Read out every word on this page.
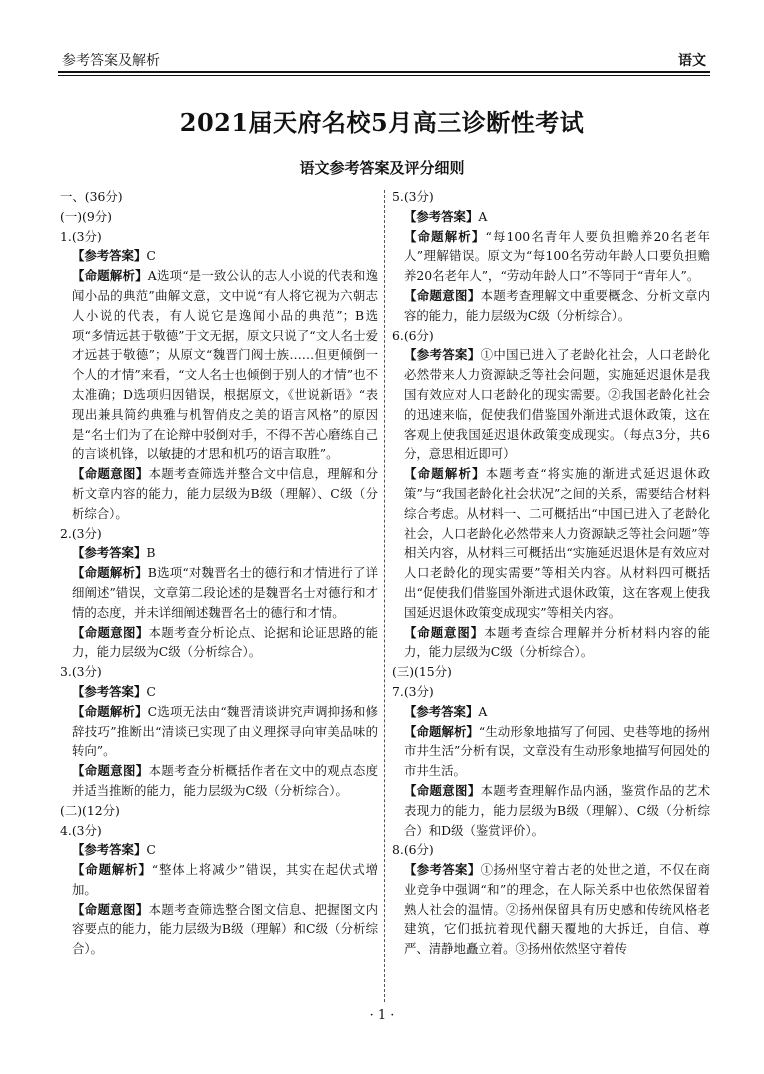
参考答案及解析	语文
2021届天府名校5月高三诊断性考试
语文参考答案及评分细则

一、(36分)

(一)(9分)

1.(3分)

【参考答案】C

【命题解析】A选项“是一致公认的志人小说的代表和逸闻小品的典范”曲解文意，文中说“有人将它视为六朝志人小说的代表，有人说它是逸闻小品的典范”；B选项“多情远甚于敬德”于文无据，原文只说了“文人名士爱才远甚于敬德”；从原文“魏晋门阀士族……但更倾倒一个人的才情”来看，“文人名士也倾倒于别人的才情”也不太准确；D选项归因错误，根据原文，《世说新语》“表现出兼具简约典雅与机智俏皮之美的语言风格”的原因是“名士们为了在论辩中驳倒对手，不得不苦心磨练自己的言谈机锋，以敏捷的才思和机巧的语言取胜”。

【命题意图】本题考查筛选并整合文中信息，理解和分析文章内容的能力，能力层级为B级（理解）、C级（分析综合）。

2.(3分)

【参考答案】B

【命题解析】B选项“对魏晋名士的德行和才情进行了详细阐述”错误，文章第二段论述的是魏晋名士对德行和才情的态度，并未详细阐述魏晋名士的德行和才情。

【命题意图】本题考查分析论点、论据和论证思路的能力，能力层级为C级（分析综合）。

3.(3分)

【参考答案】C

【命题解析】C选项无法由“魏晋清谈讲究声调抑扬和修辞技巧”推断出“清谈已实现了由义理探寻向审美品味的转向”。

【命题意图】本题考查分析概括作者在文中的观点态度并适当推断的能力，能力层级为C级（分析综合）。

(二)(12分)

4.(3分)

【参考答案】C

【命题解析】“整体上将减少”错误，其实在起伏式增加。

【命题意图】本题考查筛选整合图文信息、把握图文内容要点的能力，能力层级为B级（理解）和C级（分析综合）。

5.(3分)

【参考答案】A

【命题解析】“每100名青年人要负担赡养20名老年人”理解错误。原文为“每100名劳动年龄人口要负担赡养20名老年人”，“劳动年龄人口”不等同于“青年人”。

【命题意图】本题考查理解文中重要概念、分析文章内容的能力，能力层级为C级（分析综合）。

6.(6分)

【参考答案】①中国已进入了老龄化社会，人口老龄化必然带来人力资源缺乏等社会问题，实施延迟退休是我国有效应对人口老龄化的现实需要。②我国老龄化社会的迅速来临，促使我们借鉴国外渐进式退休政策，这在客观上使我国延迟退休政策变成现实。（每点3分，共6分，意思相近即可）

【命题解析】本题考查“将实施的渐进式延迟退休政策”与“我国老龄化社会状况”之间的关系，需要结合材料综合考虑。从材料一、二可概括出“中国已进入了老龄化社会，人口老龄化必然带来人力资源缺乏等社会问题”等相关内容，从材料三可概括出“实施延迟退休是有效应对人口老龄化的现实需要”等相关内容。从材料四可概括出“促使我们借鉴国外渐进式退休政策，这在客观上使我国延迟退休政策变成现实”等相关内容。

【命题意图】本题考查综合理解并分析材料内容的能力，能力层级为C级（分析综合）。

(三)(15分)

7.(3分)

【参考答案】A

【命题解析】“生动形象地描写了何园、史巷等地的扬州市井生活”分析有误，文章没有生动形象地描写何园处的市井生活。

【命题意图】本题考查理解作品内涵，鉴赏作品的艺术表现力的能力，能力层级为B级（理解）、C级（分析综合）和D级（鉴赏评价）。

8.(6分)

【参考答案】①扬州坚守着古老的处世之道，不仅在商业竞争中强调“和”的理念，在人际关系中也依然保留着熟人社会的温情。②扬州保留具有历史感和传统风格老建筑，它们抵抗着现代翻天覆地的大拆迁，自信、尊严、清静地矗立着。③扬州依然坚守着传

· 1 ·
